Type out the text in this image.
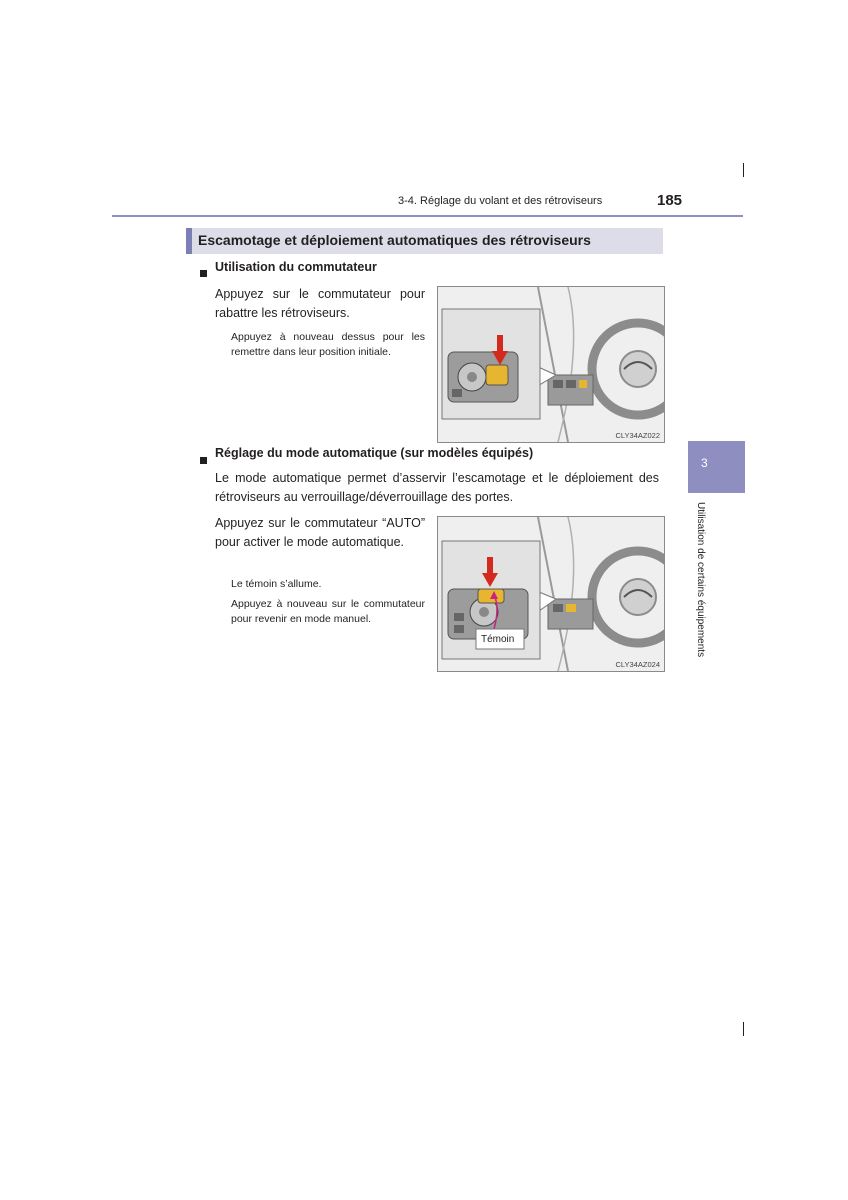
3-4. Réglage du volant et des rétroviseurs	185
Escamotage et déploiement automatiques des rétroviseurs
Utilisation du commutateur
Appuyez sur le commutateur pour rabattre les rétroviseurs.
Appuyez à nouveau dessus pour les remettre dans leur position initiale.
CLY34AZ022
Réglage du mode automatique (sur modèles équipés)
Le mode automatique permet d’asservir l’escamotage et le déploiement des rétroviseurs au verrouillage/déverrouillage des portes.
Appuyez sur le commutateur “AUTO” pour activer le mode automatique.
Le témoin s’allume.
Appuyez à nouveau sur le commutateur pour revenir en mode manuel.
Témoin
CLY34AZ024
3
Utilisation de certains équipements
